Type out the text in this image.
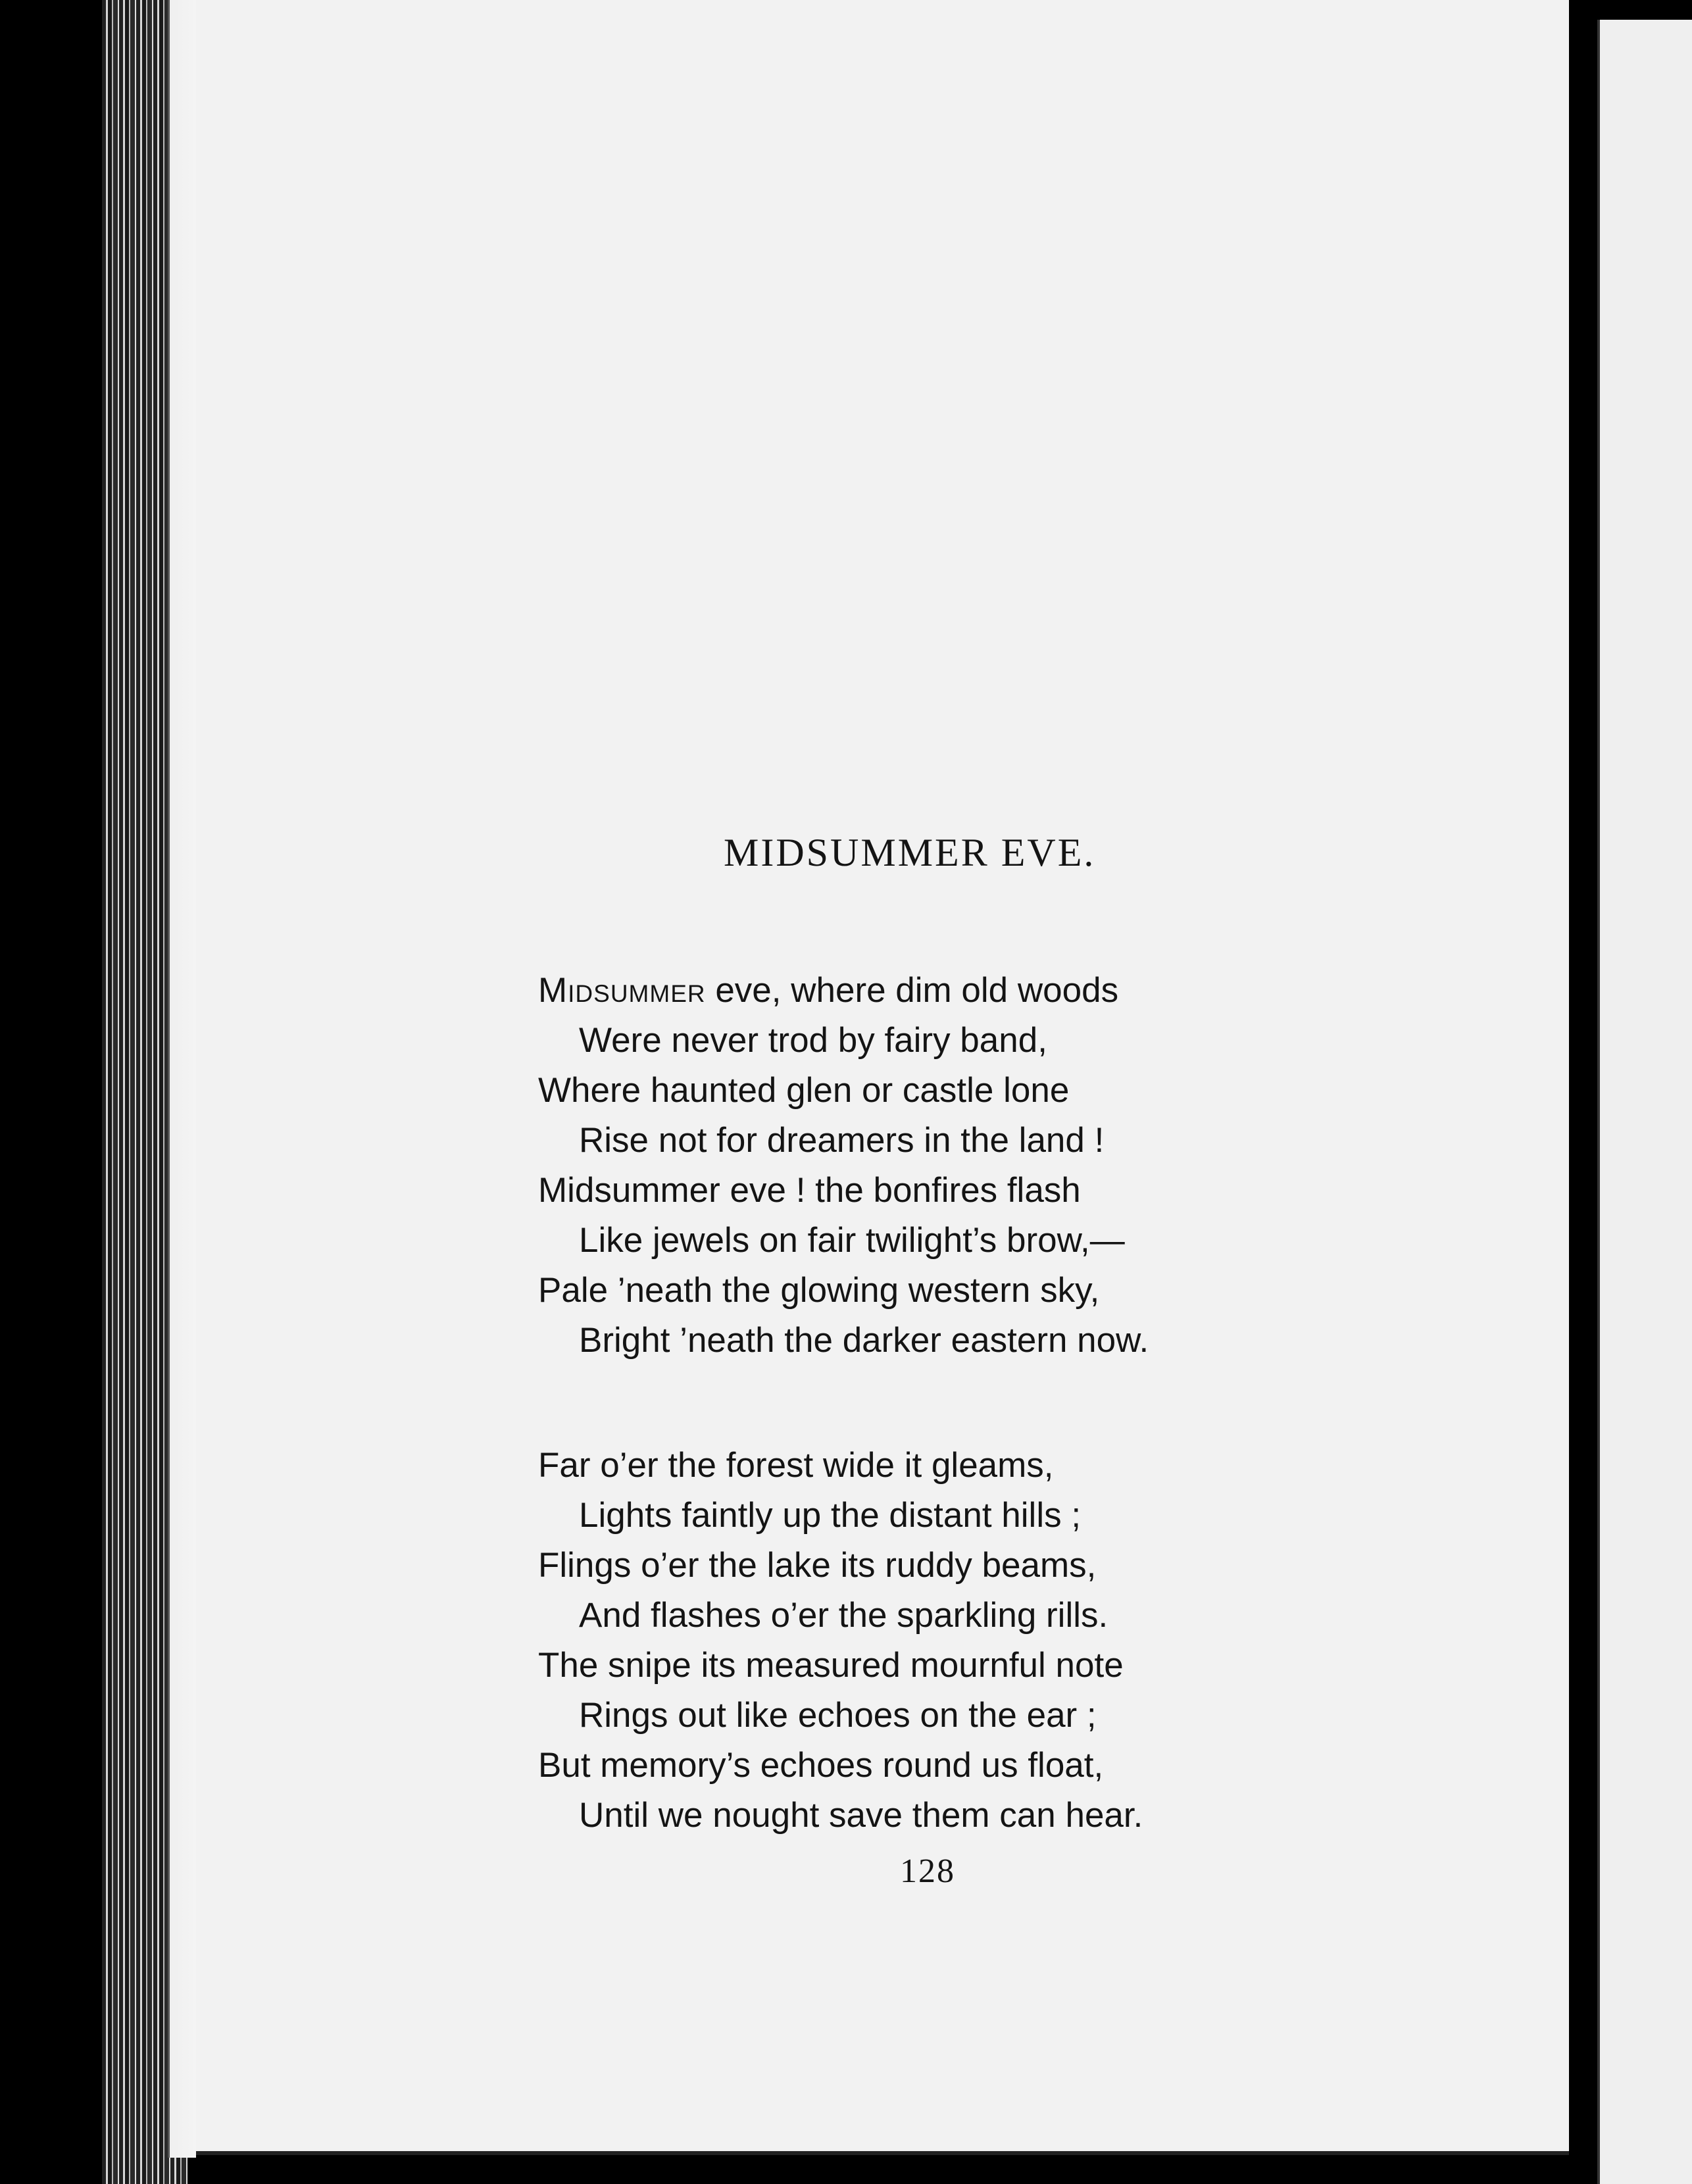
MIDSUMMER EVE.
Midsummer eve, where dim old woods
Were never trod by fairy band,
Where haunted glen or castle lone
Rise not for dreamers in the land !
Midsummer eve ! the bonfires flash
Like jewels on fair twilight’s brow,—
Pale ’neath the glowing western sky,
Bright ’neath the darker eastern now.
Far o’er the forest wide it gleams,
Lights faintly up the distant hills ;
Flings o’er the lake its ruddy beams,
And flashes o’er the sparkling rills.
The snipe its measured mournful note
Rings out like echoes on the ear ;
But memory’s echoes round us float,
Until we nought save them can hear.
128
